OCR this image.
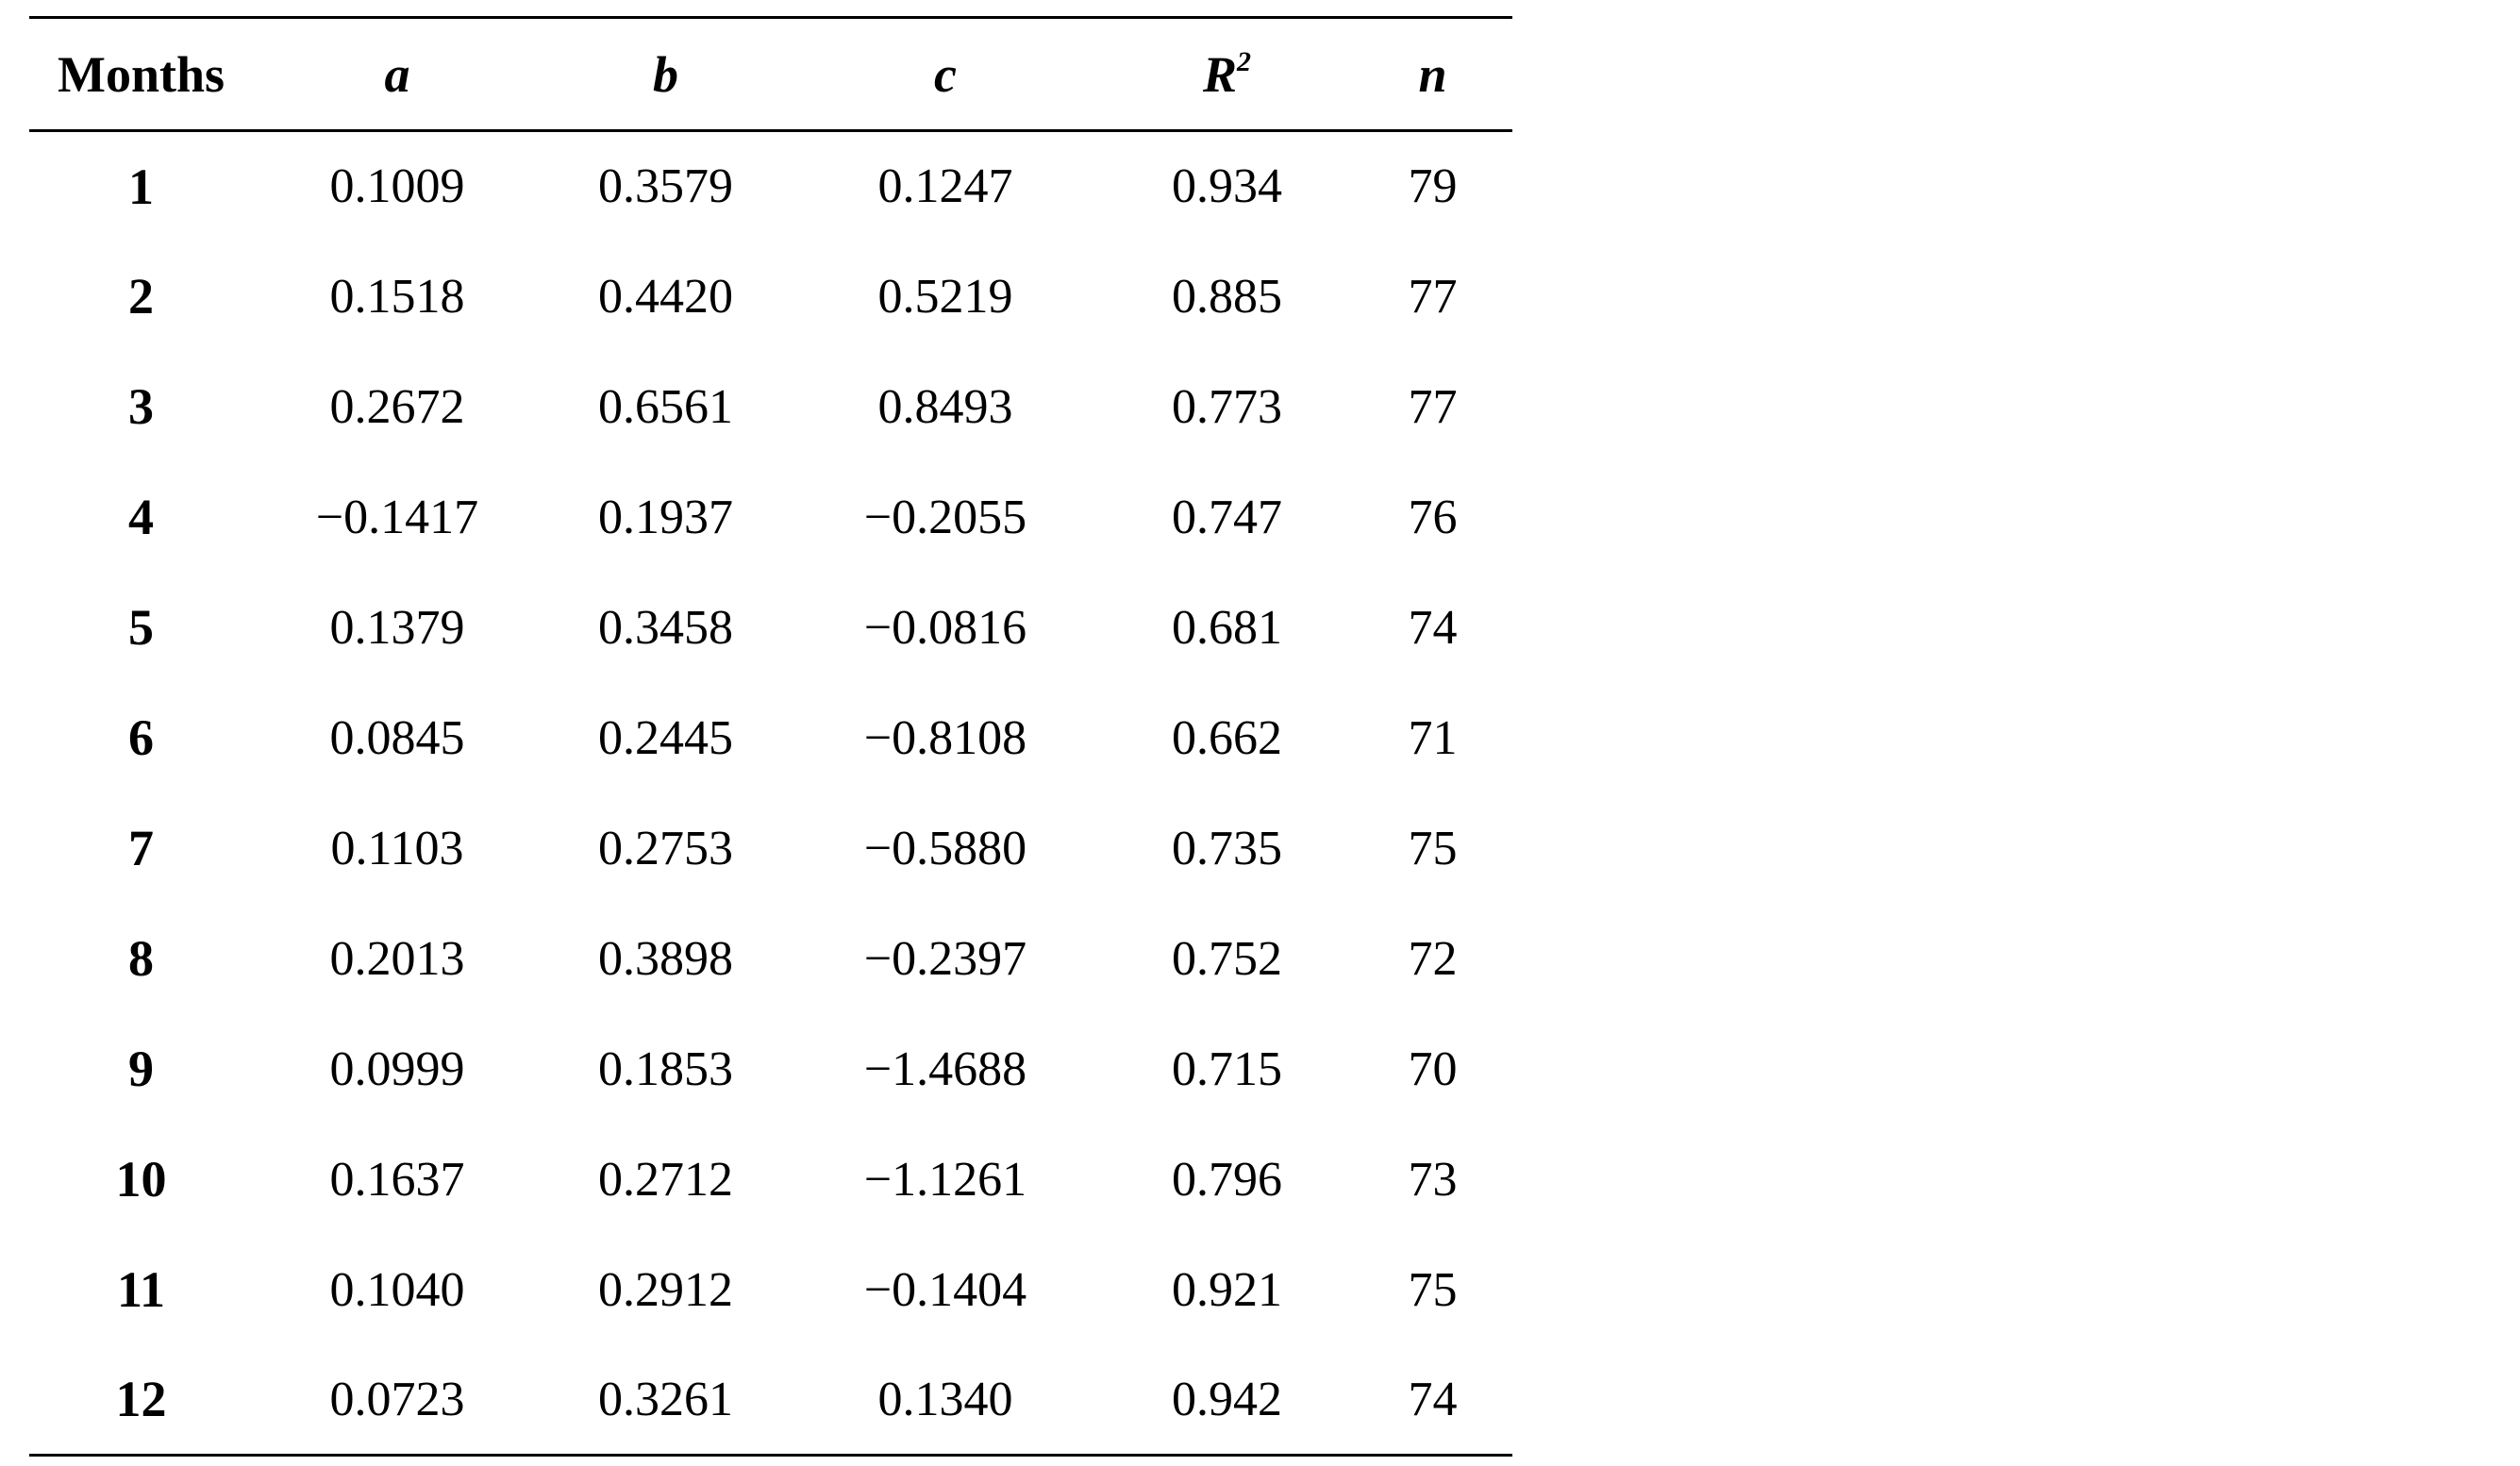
Months	a	b	c	$R^2$	n
1	0.1009	0.3579	0.1247	0.934	79
2	0.1518	0.4420	0.5219	0.885	77
3	0.2672	0.6561	0.8493	0.773	77
4	−0.1417	0.1937	−0.2055	0.747	76
5	0.1379	0.3458	−0.0816	0.681	74
6	0.0845	0.2445	−0.8108	0.662	71
7	0.1103	0.2753	−0.5880	0.735	75
8	0.2013	0.3898	−0.2397	0.752	72
9	0.0999	0.1853	−1.4688	0.715	70
10	0.1637	0.2712	−1.1261	0.796	73
11	0.1040	0.2912	−0.1404	0.921	75
12	0.0723	0.3261	0.1340	0.942	74
